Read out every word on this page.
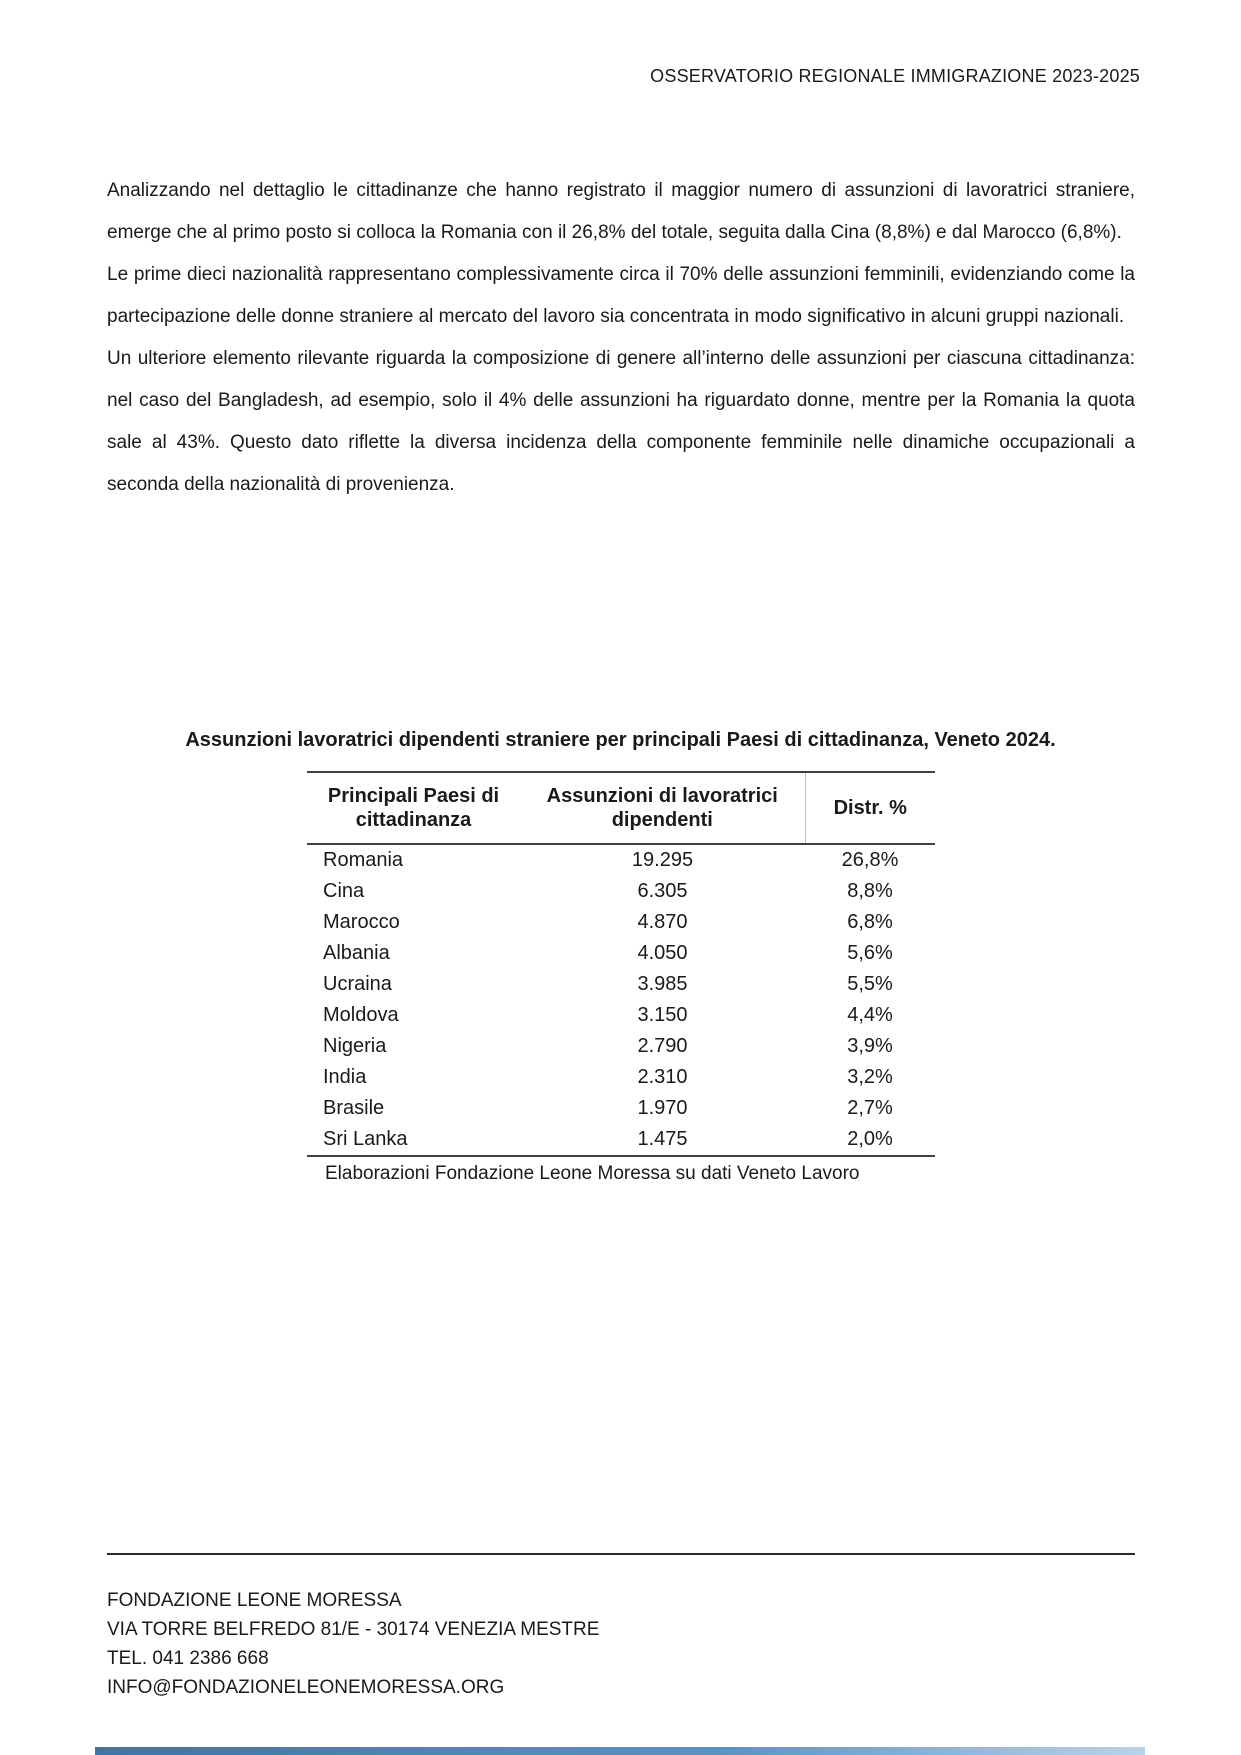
OSSERVATORIO REGIONALE IMMIGRAZIONE 2023-2025

Analizzando nel dettaglio le cittadinanze che hanno registrato il maggior numero di assunzioni di lavoratrici straniere, emerge che al primo posto si colloca la Romania con il 26,8% del totale, seguita dalla Cina (8,8%) e dal Marocco (6,8%).

Le prime dieci nazionalità rappresentano complessivamente circa il 70% delle assunzioni femminili, evidenziando come la partecipazione delle donne straniere al mercato del lavoro sia concentrata in modo significativo in alcuni gruppi nazionali.

Un ulteriore elemento rilevante riguarda la composizione di genere all’interno delle assunzioni per ciascuna cittadinanza: nel caso del Bangladesh, ad esempio, solo il 4% delle assunzioni ha riguardato donne, mentre per la Romania la quota sale al 43%. Questo dato riflette la diversa incidenza della componente femminile nelle dinamiche occupazionali a seconda della nazionalità di provenienza.

Assunzioni lavoratrici dipendenti straniere per principali Paesi di cittadinanza, Veneto 2024.
Principali Paesi di cittadinanza	Assunzioni di lavoratrici dipendenti	Distr. %
Romania	19.295	26,8%
Cina	6.305	8,8%
Marocco	4.870	6,8%
Albania	4.050	5,6%
Ucraina	3.985	5,5%
Moldova	3.150	4,4%
Nigeria	2.790	3,9%
India	2.310	3,2%
Brasile	1.970	2,7%
Sri Lanka	1.475	2,0%
Elaborazioni Fondazione Leone Moressa su dati Veneto Lavoro
FONDAZIONE LEONE MORESSA
VIA TORRE BELFREDO 81/E - 30174 VENEZIA MESTRE
TEL. 041 2386 668
INFO@FONDAZIONELEONEMORESSA.ORG
